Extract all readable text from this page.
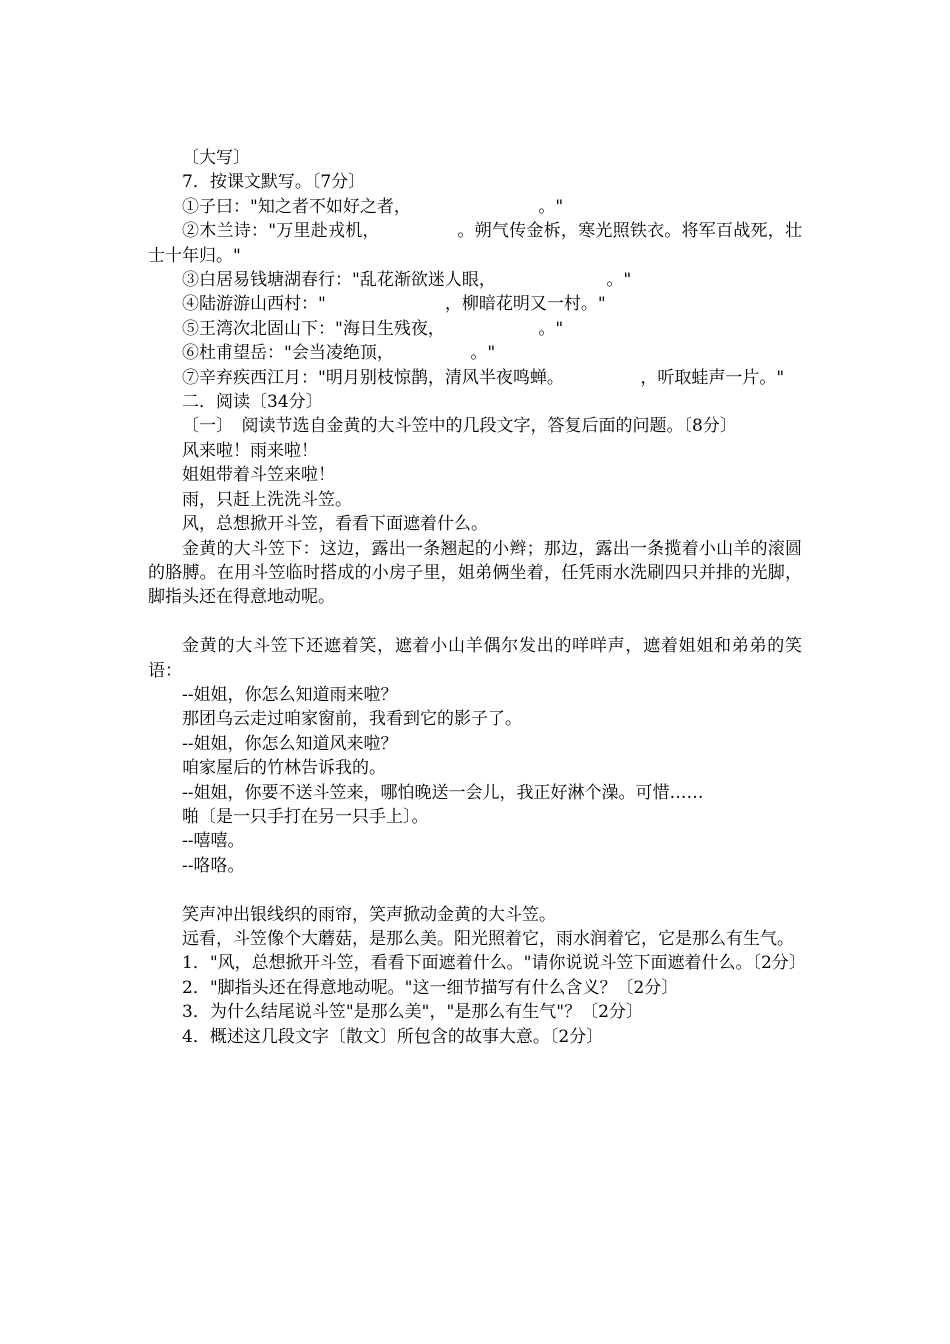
〔大写〕

7．按课文默写。〔7分〕

①子曰："知之者不如好之者，　　　　　　　　。"

②木兰诗："万里赴戎机，　　　　　。朔气传金柝，寒光照铁衣。将军百战死，壮士十年归。"

③白居易钱塘湖春行："乱花渐欲迷人眼，　　　　　　　。"

④陆游游山西村："　　　　　　　，柳暗花明又一村。"

⑤王湾次北固山下："海日生残夜，　　　　　　。"

⑥杜甫望岳："会当凌绝顶，　　　　　。"

⑦辛弃疾西江月："明月别枝惊鹊，清风半夜鸣蝉。　　　　　，听取蛙声一片。"

二．阅读〔34分〕

〔一〕　阅读节选自金黄的大斗笠中的几段文字，答复后面的问题。〔8分〕

风来啦！雨来啦！

姐姐带着斗笠来啦！

雨，只赶上洗洗斗笠。

风，总想掀开斗笠，看看下面遮着什么。

金黄的大斗笠下：这边，露出一条翘起的小辫；那边，露出一条揽着小山羊的滚圆的胳膊。在用斗笠临时搭成的小房子里，姐弟俩坐着，任凭雨水洗刷四只并排的光脚，脚指头还在得意地动呢。

金黄的大斗笠下还遮着笑，遮着小山羊偶尔发出的咩咩声，遮着姐姐和弟弟的笑语：

--姐姐，你怎么知道雨来啦？

那团乌云走过咱家窗前，我看到它的影子了。

--姐姐，你怎么知道风来啦？

咱家屋后的竹林告诉我的。

--姐姐，你要不送斗笠来，哪怕晚送一会儿，我正好淋个澡。可惜……

啪〔是一只手打在另一只手上〕。

--嘻嘻。

--咯咯。

笑声冲出银线织的雨帘，笑声掀动金黄的大斗笠。

远看，斗笠像个大蘑菇，是那么美。阳光照着它，雨水润着它，它是那么有生气。

1．"风，总想掀开斗笠，看看下面遮着什么。"请你说说斗笠下面遮着什么。〔2分〕

2．"脚指头还在得意地动呢。"这一细节描写有什么含义？〔2分〕

3．为什么结尾说斗笠"是那么美"，"是那么有生气"？〔2分〕

4．概述这几段文字〔散文〕所包含的故事大意。〔2分〕
